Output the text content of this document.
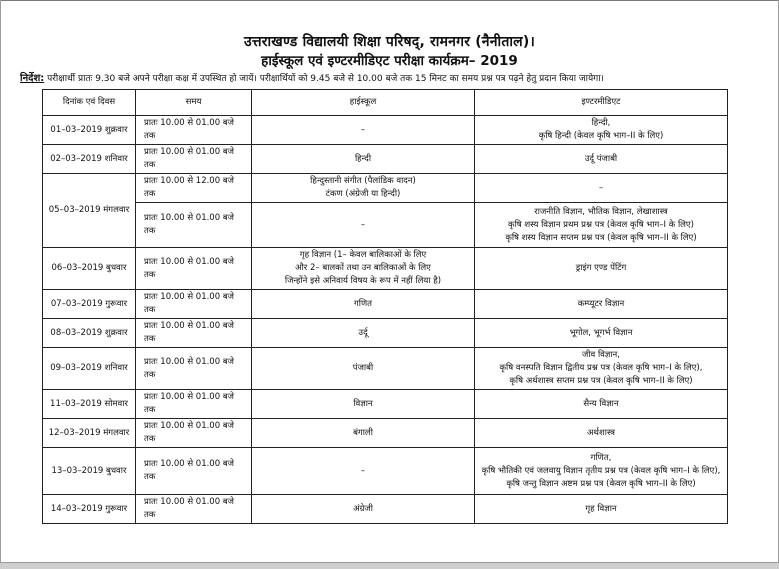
उत्तराखण्ड विद्यालयी शिक्षा परिषद्, रामनगर (नैनीताल)।
हाईस्कूल एवं इण्टरमीडिएट परीक्षा कार्यक्रम– 2019
निर्देश: परीक्षार्थी प्रातः 9.30 बजे अपने परीक्षा कक्ष में उपस्थित हो जायें। परीक्षार्थियों को 9.45 बजे से 10.00 बजे तक 15 मिनट का समय प्रश्न पत्र पढ़ने हेतु प्रदान किया जायेगा।
दिनांक एवं दिवस	समय	हाईस्कूल	इण्टरमीडिएट
01–03–2019 शुक्रवार	प्रातः 10.00 से 01.00 बजे तक	–	हिन्दी,
कृषि हिन्दी (केवल कृषि भाग–II के लिए)

02–03–2019 शनिवार	प्रातः 10.00 से 01.00 बजे तक	हिन्दी	उर्दू पंजाबी

05–03–2019 मंगलवार	प्रातः 10.00 से 12.00 बजे तक	हिन्दुस्तानी संगीत (पैलांडिक वादन)
टंकण (अंग्रेजी या हिन्दी)	–

	प्रातः 10.00 से 01.00 बजे तक	–	राजनीति विज्ञान, भौतिक विज्ञान, लेखाशास्त्र
कृषि शस्य विज्ञान प्रथम प्रश्न पत्र (केवल कृषि भाग–I के लिए)
कृषि शस्य विज्ञान सप्तम प्रश्न पत्र (केवल कृषि भाग–II के लिए)

06–03–2019 बुधवार	प्रातः 10.00 से 01.00 बजे तक	गृह विज्ञान (1– केवल बालिकाओं के लिए
और 2– बालकों तथा उन बालिकाओं के लिए
जिन्होंने इसे अनिवार्य विषय के रूप में नहीं लिया है)	ड्राइंग एण्ड पेंटिंग

07–03–2019 गुरूवार	प्रातः 10.00 से 01.00 बजे तक	गणित	कम्प्यूटर विज्ञान

08–03–2019 शुक्रवार	प्रातः 10.00 से 01.00 बजे तक	उर्दू	भूगोल, भूगर्भ विज्ञान

09–03–2019 शनिवार	प्रातः 10.00 से 01.00 बजे तक	पंजाबी	जीव विज्ञान,
कृषि वनस्पति विज्ञान द्वितीय प्रश्न पत्र (केवल कृषि भाग–I के लिए),
कृषि अर्थशास्त्र सप्तम प्रश्न पत्र (केवल कृषि भाग–II के लिए)

11–03–2019 सोमवार	प्रातः 10.00 से 01.00 बजे तक	विज्ञान	सैन्य विज्ञान

12–03–2019 मंगलवार	प्रातः 10.00 से 01.00 बजे तक	बंगाली	अर्थशास्त्र

13–03–2019 बुधवार	प्रातः 10.00 से 01.00 बजे तक	–	गणित,
कृषि भौतिकी एवं जलवायु विज्ञान तृतीय प्रश्न पत्र (केवल कृषि भाग–I के लिए),
कृषि जन्तु विज्ञान अष्टम प्रश्न पत्र (केवल कृषि भाग–II के लिए)

14–03–2019 गुरूवार	प्रातः 10.00 से 01.00 बजे तक	अंग्रेजी	गृह विज्ञान
